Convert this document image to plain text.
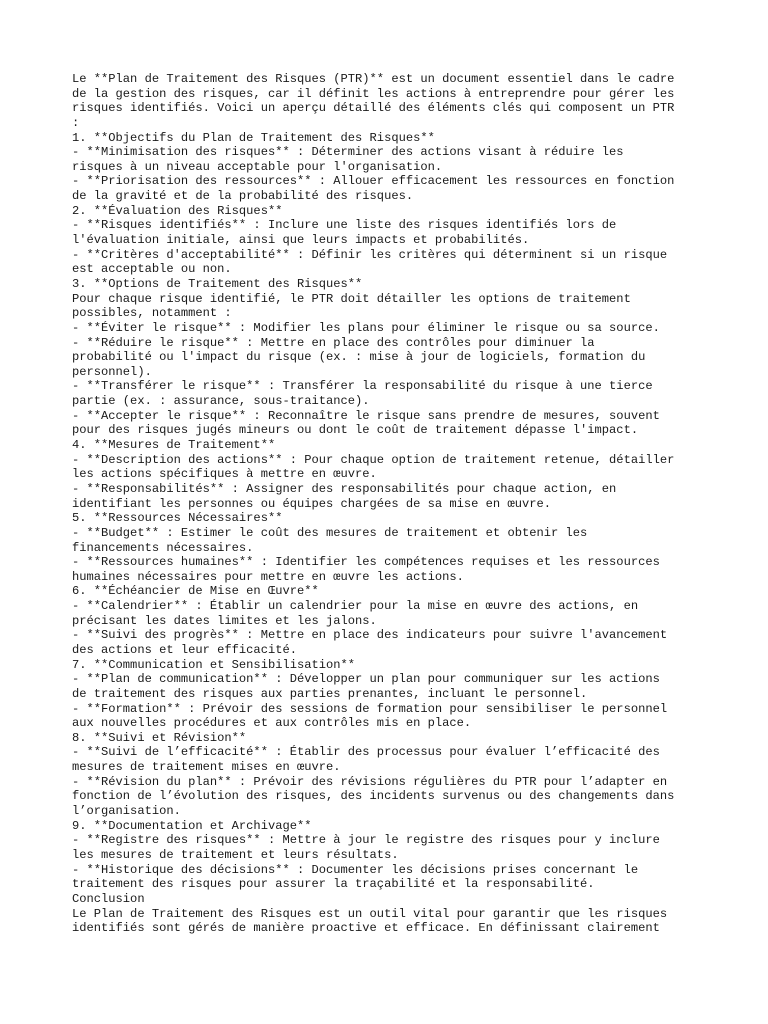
Le **Plan de Traitement des Risques (PTR)** est un document essentiel dans le cadre
de la gestion des risques, car il définit les actions à entreprendre pour gérer les
risques identifiés. Voici un aperçu détaillé des éléments clés qui composent un PTR
:
1. **Objectifs du Plan de Traitement des Risques**
- **Minimisation des risques** : Déterminer des actions visant à réduire les
risques à un niveau acceptable pour l'organisation.
- **Priorisation des ressources** : Allouer efficacement les ressources en fonction
de la gravité et de la probabilité des risques.
2. **Évaluation des Risques**
- **Risques identifiés** : Inclure une liste des risques identifiés lors de
l'évaluation initiale, ainsi que leurs impacts et probabilités.
- **Critères d'acceptabilité** : Définir les critères qui déterminent si un risque
est acceptable ou non.
3. **Options de Traitement des Risques**
Pour chaque risque identifié, le PTR doit détailler les options de traitement
possibles, notamment :
- **Éviter le risque** : Modifier les plans pour éliminer le risque ou sa source.
- **Réduire le risque** : Mettre en place des contrôles pour diminuer la
probabilité ou l'impact du risque (ex. : mise à jour de logiciels, formation du
personnel).
- **Transférer le risque** : Transférer la responsabilité du risque à une tierce
partie (ex. : assurance, sous-traitance).
- **Accepter le risque** : Reconnaître le risque sans prendre de mesures, souvent
pour des risques jugés mineurs ou dont le coût de traitement dépasse l'impact.
4. **Mesures de Traitement**
- **Description des actions** : Pour chaque option de traitement retenue, détailler
les actions spécifiques à mettre en œuvre.
- **Responsabilités** : Assigner des responsabilités pour chaque action, en
identifiant les personnes ou équipes chargées de sa mise en œuvre.
5. **Ressources Nécessaires**
- **Budget** : Estimer le coût des mesures de traitement et obtenir les
financements nécessaires.
- **Ressources humaines** : Identifier les compétences requises et les ressources
humaines nécessaires pour mettre en œuvre les actions.
6. **Échéancier de Mise en Œuvre**
- **Calendrier** : Établir un calendrier pour la mise en œuvre des actions, en
précisant les dates limites et les jalons.
- **Suivi des progrès** : Mettre en place des indicateurs pour suivre l'avancement
des actions et leur efficacité.
7. **Communication et Sensibilisation**
- **Plan de communication** : Développer un plan pour communiquer sur les actions
de traitement des risques aux parties prenantes, incluant le personnel.
- **Formation** : Prévoir des sessions de formation pour sensibiliser le personnel
aux nouvelles procédures et aux contrôles mis en place.
8. **Suivi et Révision**
- **Suivi de l’efficacité** : Établir des processus pour évaluer l’efficacité des
mesures de traitement mises en œuvre.
- **Révision du plan** : Prévoir des révisions régulières du PTR pour l’adapter en
fonction de l’évolution des risques, des incidents survenus ou des changements dans
l’organisation.
9. **Documentation et Archivage**
- **Registre des risques** : Mettre à jour le registre des risques pour y inclure
les mesures de traitement et leurs résultats.
- **Historique des décisions** : Documenter les décisions prises concernant le
traitement des risques pour assurer la traçabilité et la responsabilité.
Conclusion
Le Plan de Traitement des Risques est un outil vital pour garantir que les risques
identifiés sont gérés de manière proactive et efficace. En définissant clairement
